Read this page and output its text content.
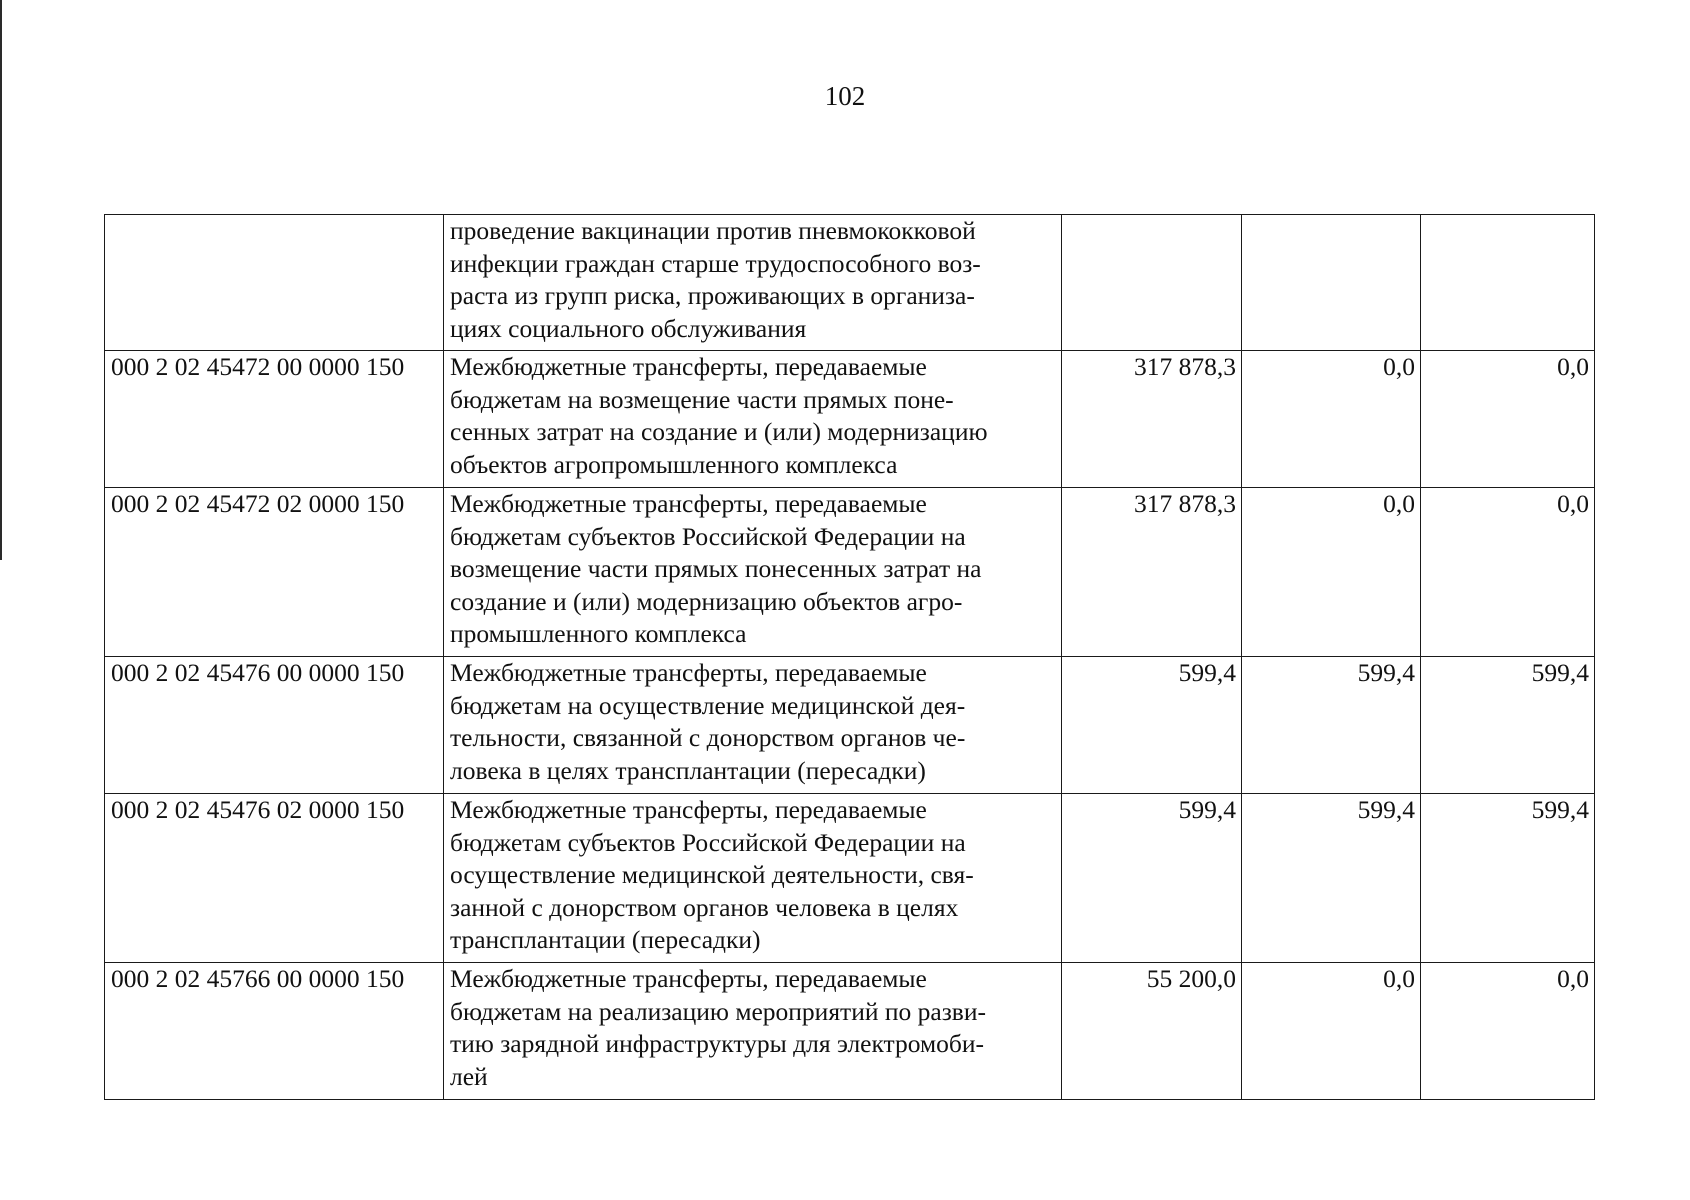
102

	проведение вакцинации против пневмококковой
инфекции граждан старше трудоспособного воз-
раста из групп риска, проживающих в организа-
циях социального обслуживания			

000 2 02 45472 00 0000 150	Межбюджетные трансферты, передаваемые
бюджетам на возмещение части прямых поне-
сенных затрат на создание и (или) модернизацию
объектов агропромышленного комплекса	317 878,3	0,0	0,0
000 2 02 45472 02 0000 150	Межбюджетные трансферты, передаваемые
бюджетам субъектов Российской Федерации на
возмещение части прямых понесенных затрат на
создание и (или) модернизацию объектов агро-
промышленного комплекса	317 878,3	0,0	0,0
000 2 02 45476 00 0000 150	Межбюджетные трансферты, передаваемые
бюджетам на осуществление медицинской дея-
тельности, связанной с донорством органов че-
ловека в целях трансплантации (пересадки)	599,4	599,4	599,4
000 2 02 45476 02 0000 150	Межбюджетные трансферты, передаваемые
бюджетам субъектов Российской Федерации на
осуществление медицинской деятельности, свя-
занной с донорством органов человека в целях
трансплантации (пересадки)	599,4	599,4	599,4
000 2 02 45766 00 0000 150	Межбюджетные трансферты, передаваемые
бюджетам на реализацию мероприятий по разви-
тию зарядной инфраструктуры для электромоби-
лей	55 200,0	0,0	0,0
